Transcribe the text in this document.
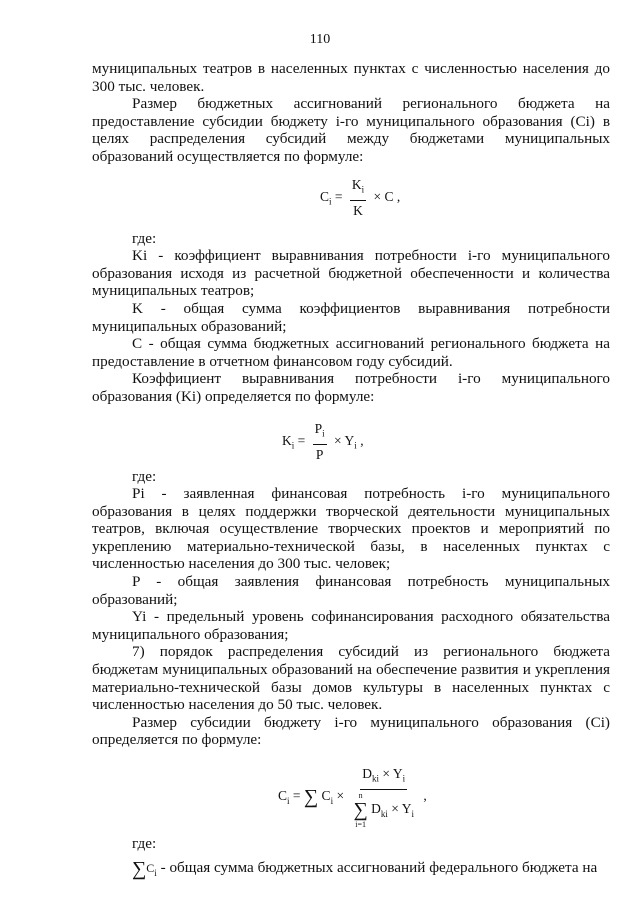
110

муниципальных театров в населенных пунктах с численностью населения до 300 тыс. человек.

Размер бюджетных ассигнований регионального бюджета на предоставление субсидии бюджету i-го муниципального образования (Ci) в целях распределения субсидий между бюджетами муниципальных образований осуществляется по формуле:

$C_i = \frac{K_i}{K} \times C$ ,

где:

Ki - коэффициент выравнивания потребности i-го муниципального образования исходя из расчетной бюджетной обеспеченности и количества муниципальных театров;

K - общая сумма коэффициентов выравнивания потребности муниципальных образований;

C - общая сумма бюджетных ассигнований регионального бюджета на предоставление в отчетном финансовом году субсидий.

Коэффициент выравнивания потребности i-го муниципального образования (Ki) определяется по формуле:

$K_i = \frac{P_i}{P} \times Y_i$ ,

где:

Pi - заявленная финансовая потребность i-го муниципального образования в целях поддержки творческой деятельности муниципальных театров, включая осуществление творческих проектов и мероприятий по укреплению материально-технической базы, в населенных пунктах с численностью населения до 300 тыс. человек;

P - общая заявления финансовая потребность муниципальных образований;

Yi - предельный уровень софинансирования расходного обязательства муниципального образования;

7) порядок распределения субсидий из регионального бюджета бюджетам муниципальных образований на обеспечение развития и укрепления материально-технической базы домов культуры в населенных пунктах с численностью населения до 50 тыс. человек.

Размер субсидии бюджету i-го муниципального образования (Ci) определяется по формуле:

$C_i$ = ∑ $C_i \times D_{ki} \times Y_i$
n
∑
i=1
$D_{ki} \times Y_i$ ,

где:

$\sum C_i$ - общая сумма бюджетных ассигнований федерального бюджета на
